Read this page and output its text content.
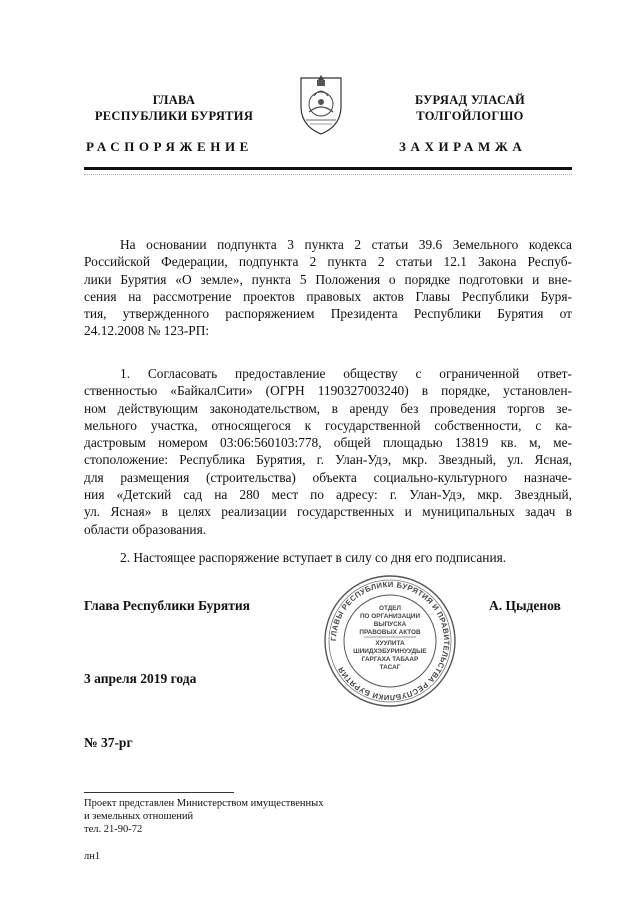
ГЛАВА
РЕСПУБЛИКИ БУРЯТИЯ
БУРЯАД УЛАСАЙ
ТОЛГОЙЛОГШО
РАСПОРЯЖЕНИЕ	ЗАХИРАМЖА
На основании подпункта 3 пункта 2 статьи 39.6 Земельного кодекса
Российской Федерации, подпункта 2 пункта 2 статьи 12.1 Закона Респуб-
лики Бурятия «О земле», пункта 5 Положения о порядке подготовки и вне-
сения на рассмотрение проектов правовых актов Главы Республики Буря-
тия, утвержденного распоряжением Президента Республики Бурятия от
24.12.2008 № 123-РП:
1. Согласовать предоставление обществу с ограниченной ответ-
ственностью «БайкалСити» (ОГРН 1190327003240) в порядке, установлен-
ном действующим законодательством, в аренду без проведения торгов зе-
мельного участка, относящегося к государственной собственности, с ка-
дастровым номером 03:06:560103:778, общей площадью 13819 кв. м, ме-
стоположение: Республика Бурятия, г. Улан-Удэ, мкр. Звездный, ул. Ясная,
для размещения (строительства) объекта социально-культурного назначе-
ния «Детский сад на 280 мест по адресу: г. Улан-Удэ, мкр. Звездный,
ул. Ясная» в целях реализации государственных и муниципальных задач в
области образования.
2. Настоящее распоряжение вступает в силу со дня его подписания.
Глава Республики Бурятия	А. Цыденов
ГЛАВЫ РЕСПУБЛИКИ БУРЯТИЯ И ПРАВИТЕЛЬСТВА РЕСПУБЛИКИ БУРЯТИЯ
ОТДЕЛ
ПО ОРГАНИЗАЦИИ
ВЫПУСКА
ПРАВОВЫХ АКТОВ
ХУУЛИТА
ШИИДХЭБУРИНУУДЫЕ
ГАРГАХА ТАБААР
ТАСАГ
3 апреля 2019 года
№ 37-рг
Проект представлен Министерством имущественных
и земельных отношений
тел. 21-90-72
лн1
